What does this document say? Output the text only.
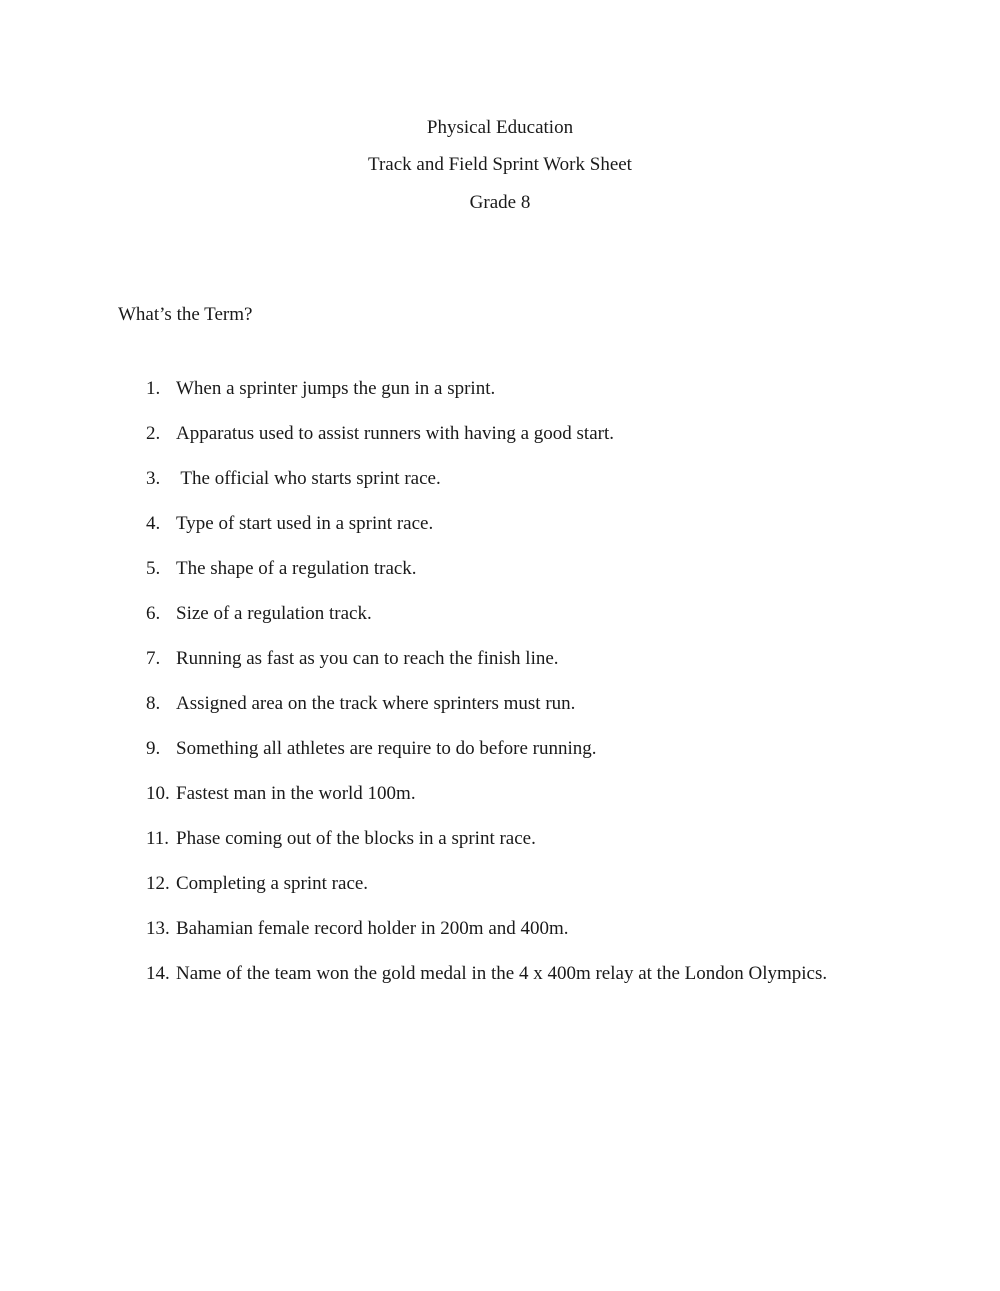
Physical Education
Track and Field Sprint Work Sheet
Grade 8
What’s the Term?
1. When a sprinter jumps the gun in a sprint.
2. Apparatus used to assist runners with having a good start.
3. The official who starts sprint race.
4. Type of start used in a sprint race.
5. The shape of a regulation track.
6. Size of a regulation track.
7. Running as fast as you can to reach the finish line.
8. Assigned area on the track where sprinters must run.
9. Something all athletes are require to do before running.
10. Fastest man in the world 100m.
11. Phase coming out of the blocks in a sprint race.
12. Completing a sprint race.
13. Bahamian female record holder in 200m and 400m.
14. Name of the team won the gold medal in the 4 x 400m relay at the London Olympics.
